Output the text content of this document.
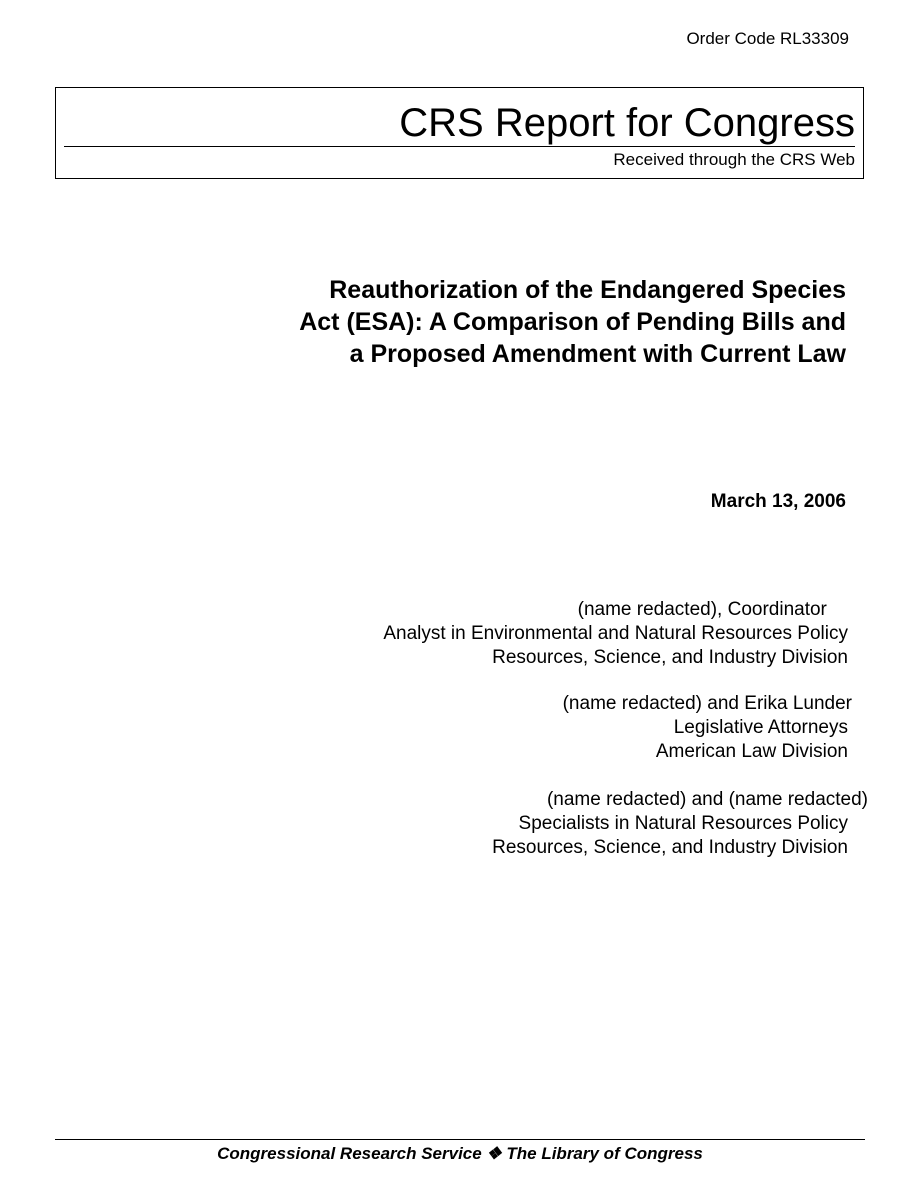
Order Code RL33309
CRS Report for Congress
Received through the CRS Web
Reauthorization of the Endangered Species
Act (ESA): A Comparison of Pending Bills and
a Proposed Amendment with Current Law
March 13, 2006
(name redacted), Coordinator
Analyst in Environmental and Natural Resources Policy
Resources, Science, and Industry Division
(name redacted) and Erika Lunder
Legislative Attorneys
American Law Division
(name redacted) and (name redacted)
Specialists in Natural Resources Policy
Resources, Science, and Industry Division
Congressional Research Service ❖ The Library of Congress
